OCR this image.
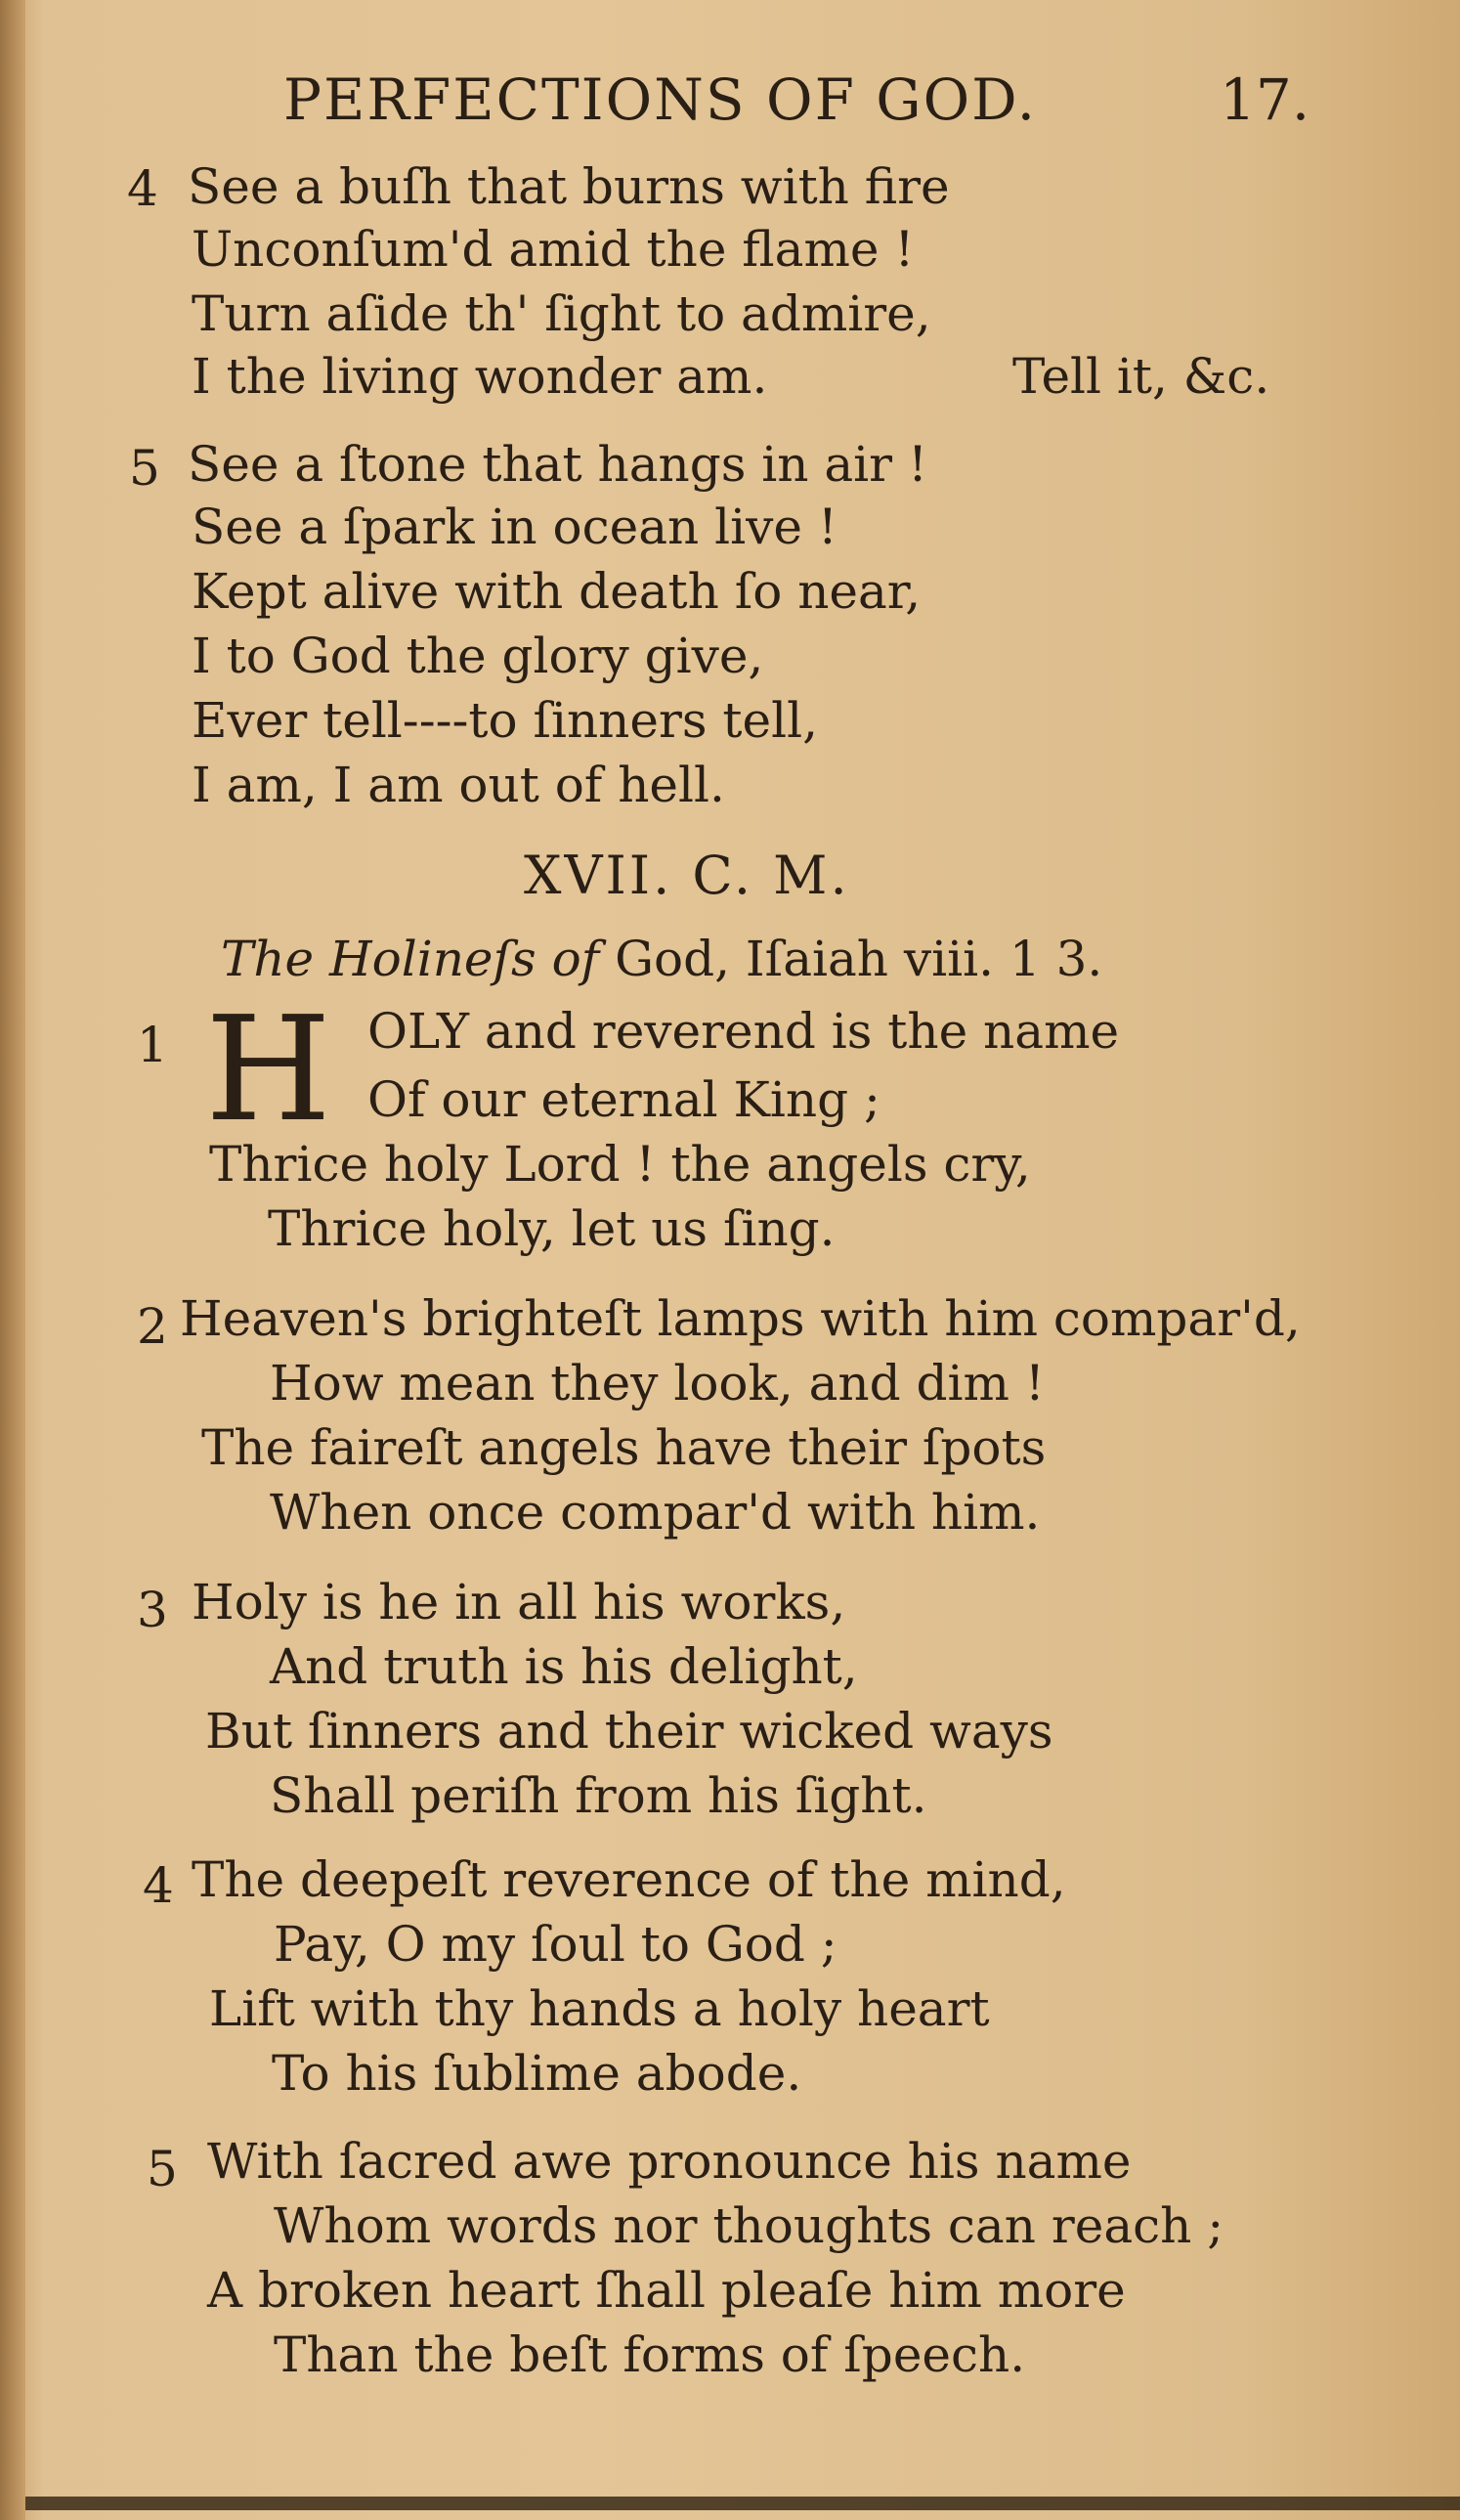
PERFECTIONS OF GOD.	17.
4 See a buſh that burns with fire
Unconſum'd amid the flame !
Turn aſide th' ſight to admire,
I the living wonder am.	Tell it, &c.
5 See a ſtone that hangs in air !
See a ſpark in ocean live !
Kept alive with death ſo near,
I to God the glory give,
Ever tell----to ſinners tell,
I am, I am out of hell.
XVII. C. M.
The Holineſs of God, Iſaiah viii. 1 3.
1 H OLY and reverend is the name
Of our eternal King ;
Thrice holy Lord ! the angels cry,
Thrice holy, let us ſing.
2 Heaven's brighteſt lamps with him compar'd,
How mean they look, and dim !
The faireſt angels have their ſpots
When once compar'd with him.
3 Holy is he in all his works,
And truth is his delight,
But ſinners and their wicked ways
Shall periſh from his ſight.
4 The deepeſt reverence of the mind,
Pay, O my ſoul to God ;
Lift with thy hands a holy heart
To his ſublime abode.
5 With ſacred awe pronounce his name
Whom words nor thoughts can reach ;
A broken heart ſhall pleaſe him more
Than the beſt forms of ſpeech.
